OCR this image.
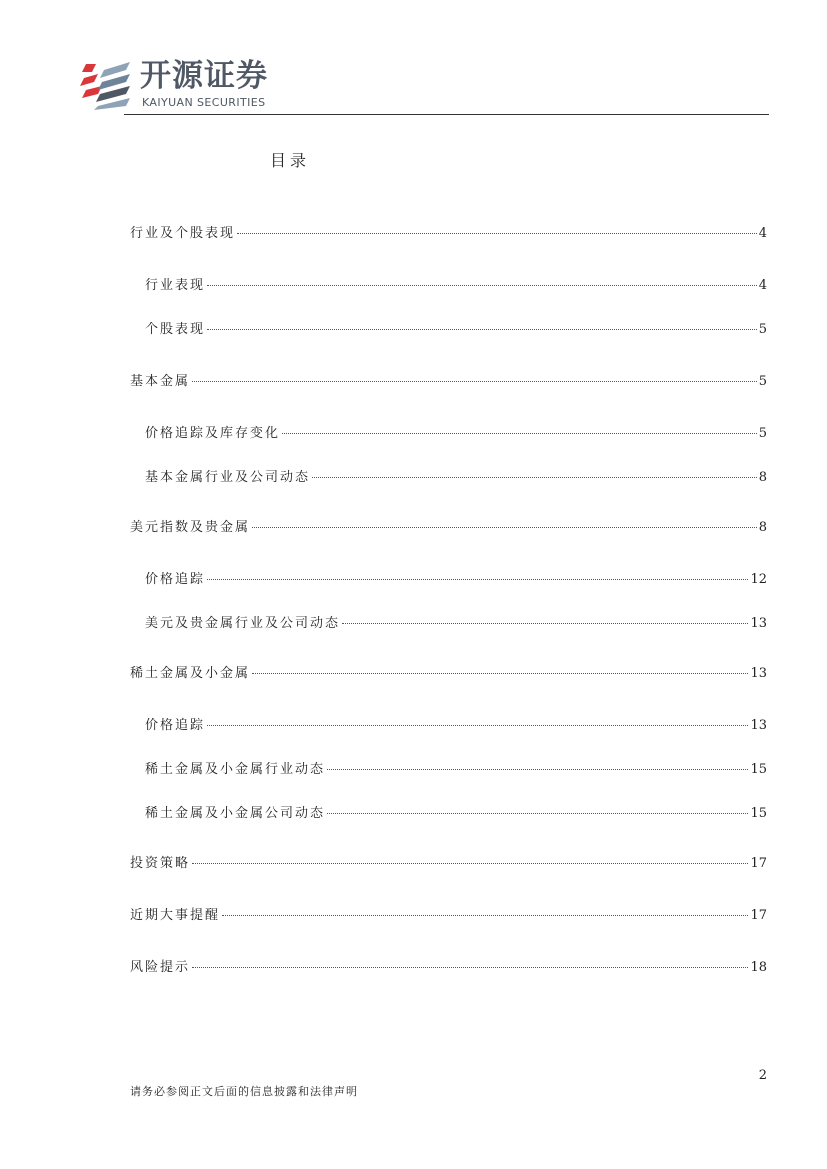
开源证券
KAIYUAN SECURITIES
目录
行业及个股表现	4
行业表现	4
个股表现	5
基本金属	5
价格追踪及库存变化	5
基本金属行业及公司动态	8
美元指数及贵金属	8
价格追踪	12
美元及贵金属行业及公司动态	13
稀土金属及小金属	13
价格追踪	13
稀土金属及小金属行业动态	15
稀土金属及小金属公司动态	15
投资策略	17
近期大事提醒	17
风险提示	18
2
请务必参阅正文后面的信息披露和法律声明
